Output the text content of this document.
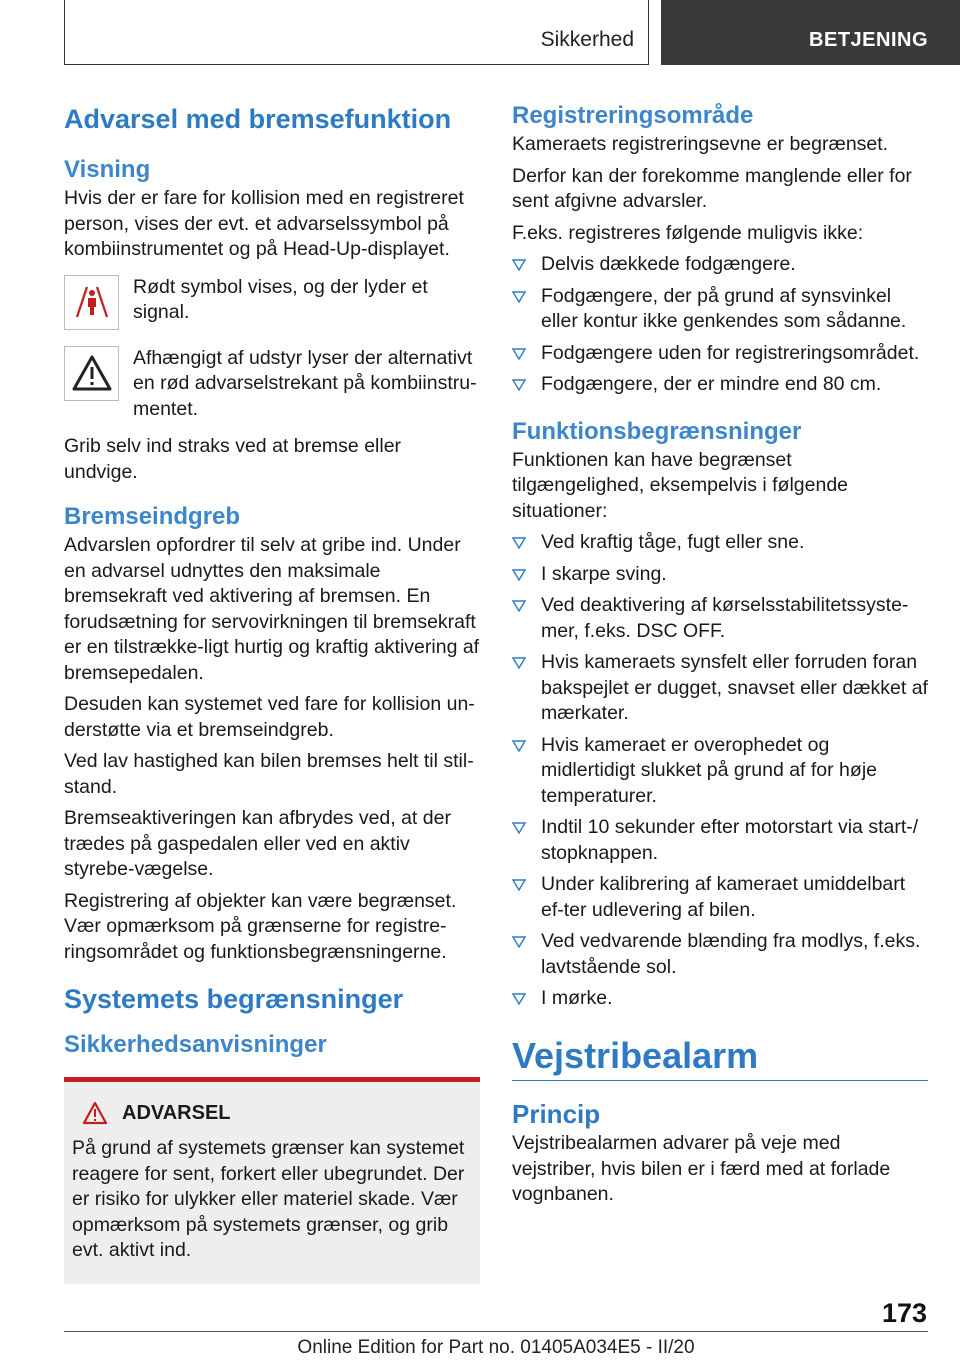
Sikkerhed	BETJENING
Advarsel med bremsefunktion
Visning

Hvis der er fare for kollision med en registreret person, vises der evt. et advarselssymbol på kombiinstrumentet og på Head-Up-displayet.

Rødt symbol vises, og der lyder et signal.
Afhængigt af udstyr lyser der alternativt en rød advarselstrekant på kombiinstru-mentet.

Grib selv ind straks ved at bremse eller undvige.

Bremseindgreb

Advarslen opfordrer til selv at gribe ind. Under en advarsel udnyttes den maksimale bremsekraft ved aktivering af bremsen. En forudsætning for servovirkningen til bremsekraft er en tilstrække-ligt hurtig og kraftig aktivering af bremsepedalen.

Desuden kan systemet ved fare for kollision un-derstøtte via et bremseindgreb.

Ved lav hastighed kan bilen bremses helt til stil-stand.

Bremseaktiveringen kan afbrydes ved, at der trædes på gaspedalen eller ved en aktiv styrebe-vægelse.

Registrering af objekter kan være begrænset. Vær opmærksom på grænserne for registre-ringsområdet og funktionsbegrænsningerne.

Systemets begrænsninger
Sikkerhedsanvisninger
ADVARSEL

På grund af systemets grænser kan systemet reagere for sent, forkert eller ubegrundet. Der er risiko for ulykker eller materiel skade. Vær opmærksom på systemets grænser, og grib evt. aktivt ind.

Registreringsområde

Kameraets registreringsevne er begrænset.

Derfor kan der forekomme manglende eller for sent afgivne advarsler.

F.eks. registreres følgende muligvis ikke:

Delvis dækkede fodgængere.
Fodgængere, der på grund af synsvinkel eller kontur ikke genkendes som sådanne.
Fodgængere uden for registreringsområdet.
Fodgængere, der er mindre end 80 cm.
Funktionsbegrænsninger

Funktionen kan have begrænset tilgængelighed, eksempelvis i følgende situationer:

Ved kraftig tåge, fugt eller sne.
I skarpe sving.
Ved deaktivering af kørselsstabilitetssyste-mer, f.eks. DSC OFF.
Hvis kameraets synsfelt eller forruden foran bakspejlet er dugget, snavset eller dækket af mærkater.
Hvis kameraet er overophedet og midlertidigt slukket på grund af for høje temperaturer.
Indtil 10 sekunder efter motorstart via start-/ stopknappen.
Under kalibrering af kameraet umiddelbart ef-ter udlevering af bilen.
Ved vedvarende blænding fra modlys, f.eks. lavtstående sol.
I mørke.
Vejstribealarm
Princip

Vejstribealarmen advarer på veje med vejstriber, hvis bilen er i færd med at forlade vognbanen.

173
Online Edition for Part no. 01405A034E5 - II/20
